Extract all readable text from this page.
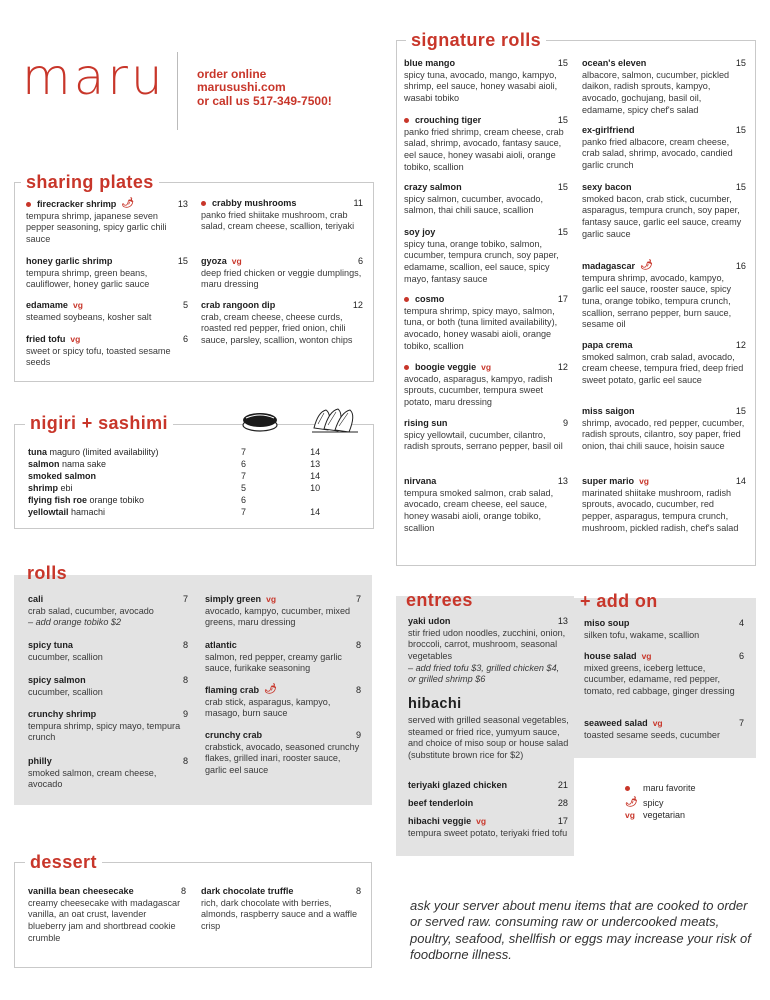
maru	order online
marusushi.com
or call us 517-349-7500!
sharing plates
nigiri + sashimi
tuna maguro (limited availability)	7	14
salmon nama sake	6	13
smoked salmon	7	14
shrimp ebi	5	10
flying fish roe orange tobiko	6
yellowtail hamachi	7	14
rolls
dessert
signature rolls
entrees
hibachi
served with grilled seasonal vegetables, steamed or fried rice, yumyum sauce, and choice of miso soup or house salad (substitute brown rice for $2)
+ add on
maru favorite
🌶 spicy
vg vegetarian
ask your server about menu items that are cooked to order or served raw. consuming raw or undercooked meats, poultry, seafood, shellfish or eggs may increase your risk of foodborne illness.
firecracker shrimp 🌶	13
tempura shrimp, japanese seven pepper seasoning, spicy garlic chili sauce
honey garlic shrimp	15
tempura shrimp, green beans, cauliflower, honey garlic sauce
edamame vg	5
steamed soybeans, kosher salt
fried tofu vg	6
sweet or spicy tofu, toasted sesame seeds
crabby mushrooms	11
panko fried shiitake mushroom, crab salad, cream cheese, scallion, teriyaki
gyoza vg	6
deep fried chicken or veggie dumplings, maru dressing
crab rangoon dip	12
crab, cream cheese, cheese curds, roasted red pepper, fried onion, chili sauce, parsley, scallion, wonton chips
cali	7
crab salad, cucumber, avocado
– add orange tobiko $2
spicy tuna	8
cucumber, scallion
spicy salmon	8
cucumber, scallion
crunchy shrimp	9
tempura shrimp, spicy mayo, tempura crunch
philly	8
smoked salmon, cream cheese, avocado
simply green vg	7
avocado, kampyo, cucumber, mixed greens, maru dressing
atlantic	8
salmon, red pepper, creamy garlic sauce, furikake seasoning
flaming crab 🌶	8
crab stick, asparagus, kampyo, masago, burn sauce
crunchy crab	9
crabstick, avocado, seasoned crunchy flakes, grilled inari, rooster sauce, garlic eel sauce
vanilla bean cheesecake	8
creamy cheesecake with madagascar vanilla, an oat crust, lavender blueberry jam and shortbread cookie crumble
dark chocolate truffle	8
rich, dark chocolate with berries, almonds, raspberry sauce and a waffle crisp
blue mango	15
spicy tuna, avocado, mango, kampyo, shrimp, eel sauce, honey wasabi aioli, wasabi tobiko
crouching tiger	15
panko fried shrimp, cream cheese, crab salad, shrimp, avocado, fantasy sauce, eel sauce, honey wasabi aioli, orange tobiko, scallion
crazy salmon	15
spicy salmon, cucumber, avocado, salmon, thai chili sauce, scallion
soy joy	15
spicy tuna, orange tobiko, salmon, cucumber, tempura crunch, soy paper, edamame, scallion, eel sauce, spicy mayo, fantasy sauce
cosmo	17
tempura shrimp, spicy mayo, salmon, tuna, or both (tuna limited availability), avocado, honey wasabi aioli, orange tobiko, scallion
boogie veggie vg	12
avocado, asparagus, kampyo, radish sprouts, cucumber, tempura sweet potato, maru dressing
rising sun	9
spicy yellowtail, cucumber, cilantro, radish sprouts, serrano pepper, basil oil
nirvana	13
tempura smoked salmon, crab salad, avocado, cream cheese, eel sauce, honey wasabi aioli, orange tobiko, scallion
ocean's eleven	15
albacore, salmon, cucumber, pickled daikon, radish sprouts, kampyo, avocado, gochujang, basil oil, edamame, spicy chef's salad
ex-girlfriend	15
panko fried albacore, cream cheese, crab salad, shrimp, avocado, candied garlic crunch
sexy bacon	15
smoked bacon, crab stick, cucumber, asparagus, tempura crunch, soy paper, fantasy sauce, garlic eel sauce, creamy garlic sauce
madagascar 🌶	16
tempura shrimp, avocado, kampyo, garlic eel sauce, rooster sauce, spicy tuna, orange tobiko, tempura crunch, scallion, serrano pepper, burn sauce, sesame oil
papa crema	12
smoked salmon, crab salad, avocado, cream cheese, tempura fried, deep fried sweet potato, garlic eel sauce
miss saigon	15
shrimp, avocado, red pepper, cucumber, radish sprouts, cilantro, soy paper, fried onion, thai chili sauce, hoisin sauce
super mario vg	14
marinated shiitake mushroom, radish sprouts, avocado, cucumber, red pepper, asparagus, tempura crunch, mushroom, pickled radish, chef's salad
yaki udon	13
stir fried udon noodles, zucchini, onion, broccoli, carrot, mushroom, seasonal vegetables
– add fried tofu $3, grilled chicken $4, or grilled shrimp $6
teriyaki glazed chicken	21
beef tenderloin	28
hibachi veggie vg	17
tempura sweet potato, teriyaki fried tofu
miso soup	4
silken tofu, wakame, scallion
house salad vg	6
mixed greens, iceberg lettuce, cucumber, edamame, red pepper, tomato, red cabbage, ginger dressing
seaweed salad vg	7
toasted sesame seeds, cucumber
